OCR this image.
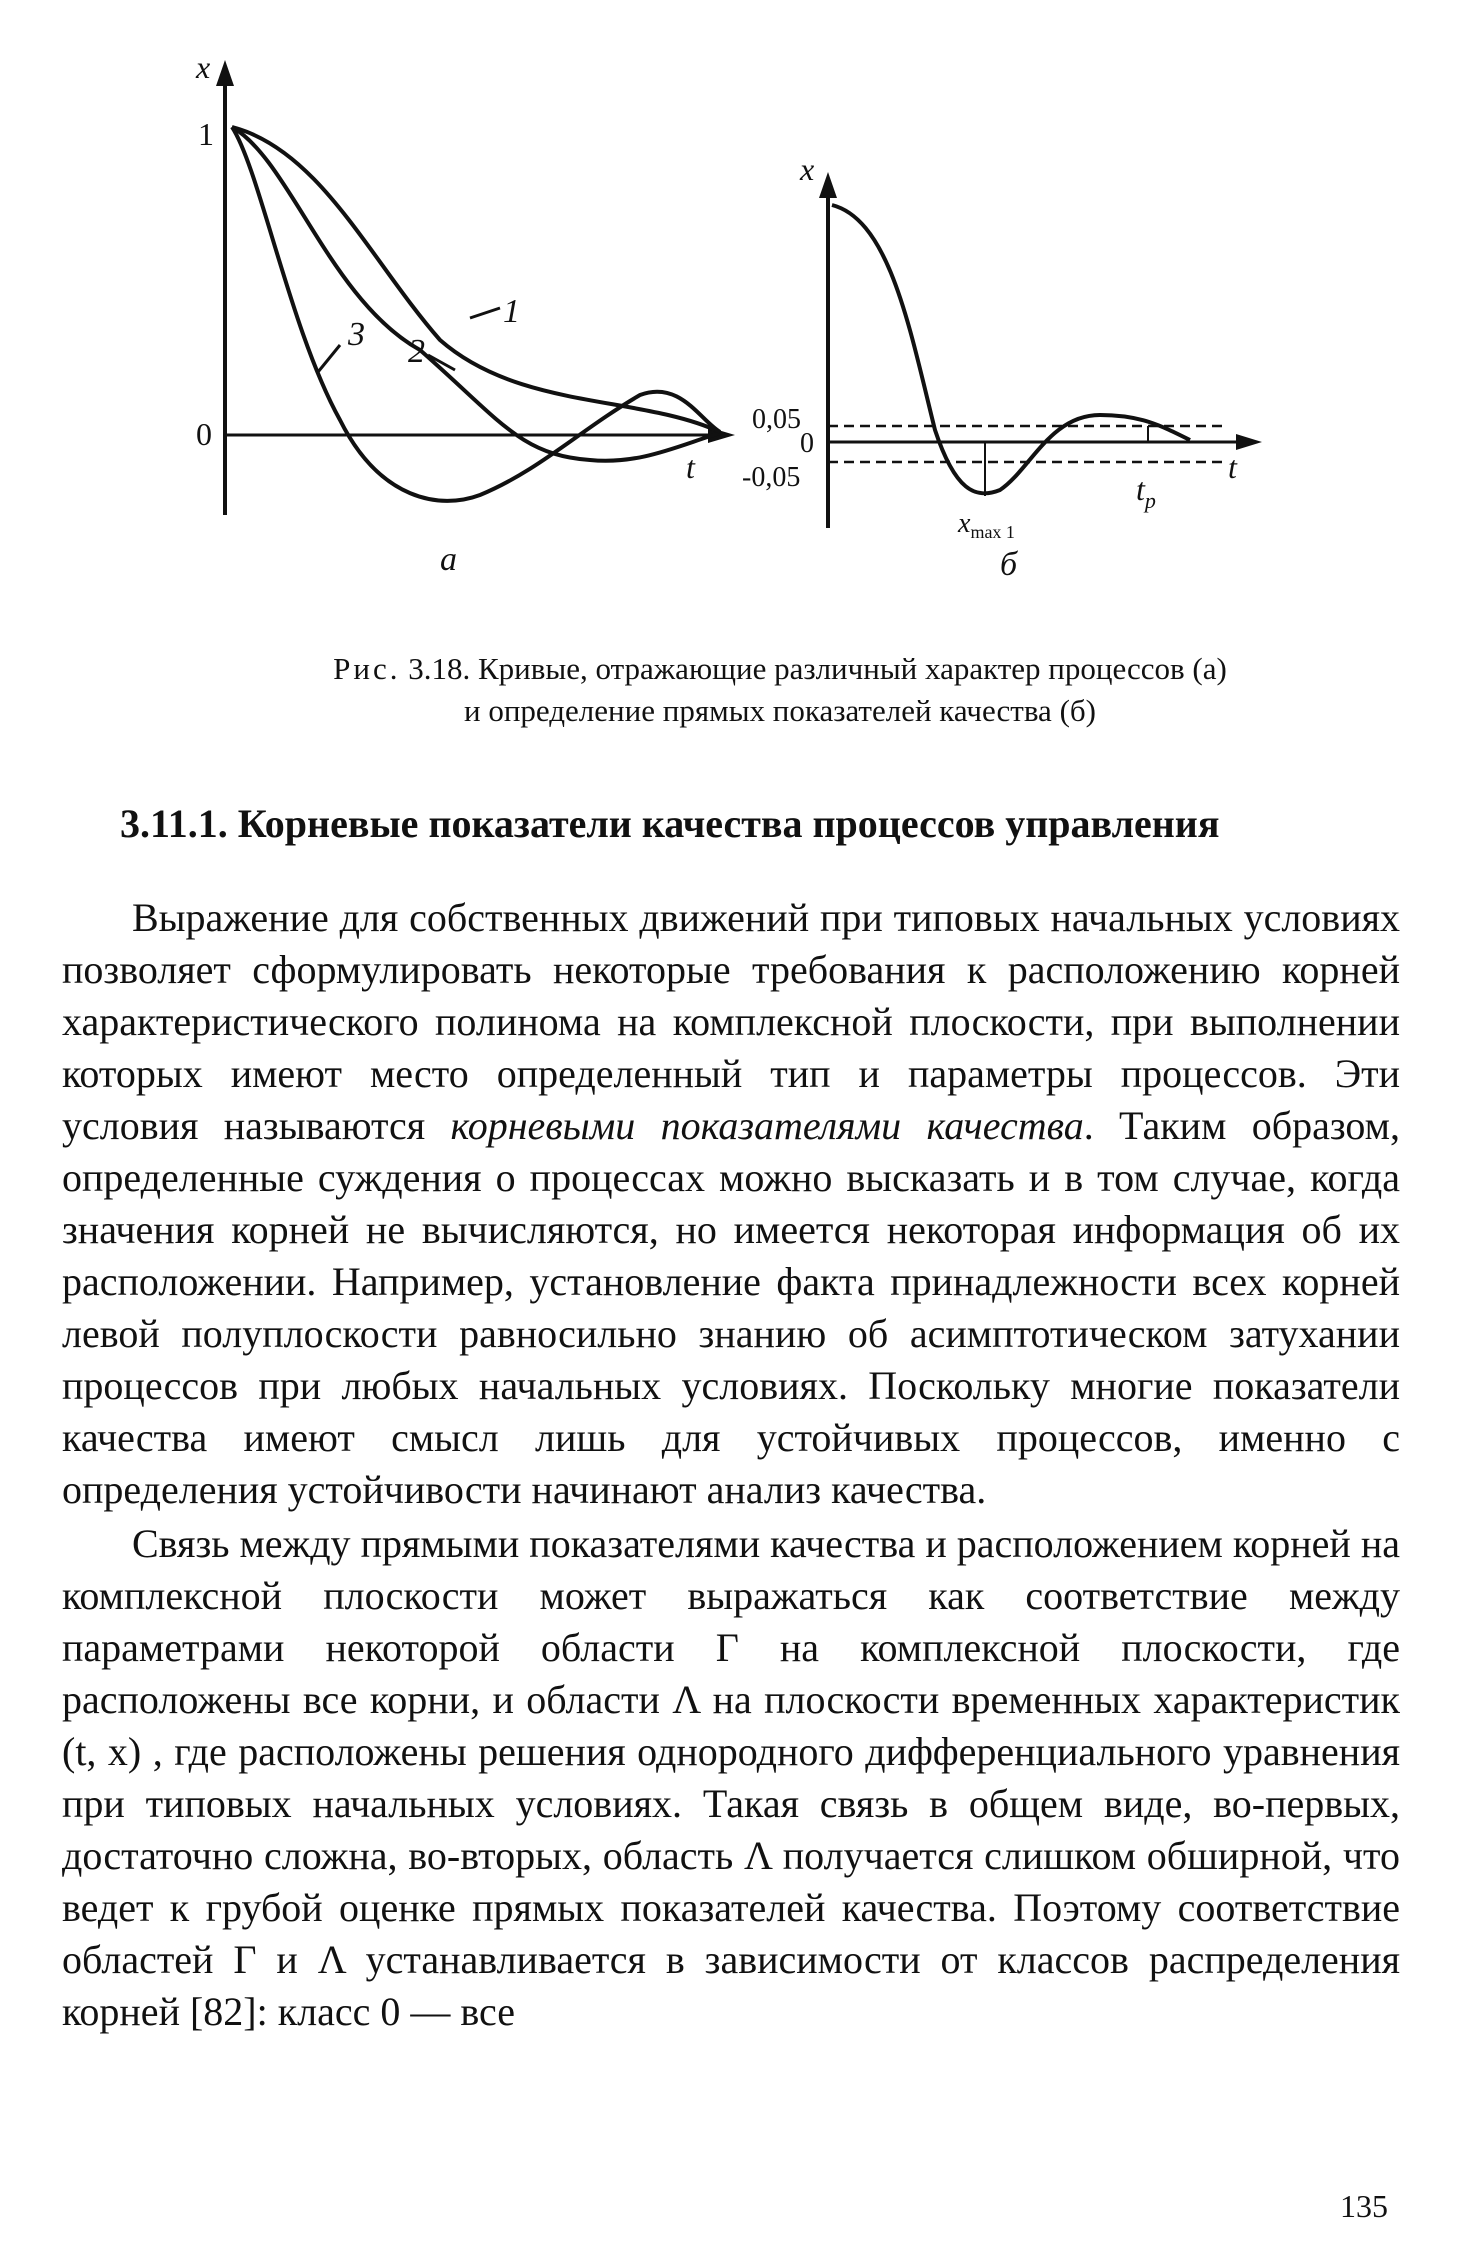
x
t
1
2
3
а
1
0
x
t
0,05
0
-0,05
$x_{max 1}$
$t_p$
б
Рис. 3.18. Кривые, отражающие различный характер процессов (а)
и определение прямых показателей качества (б)
3.11.1. Корневые показатели качества процессов управления

Выражение для собственных движений при типовых начальных условиях позволяет сформулировать некоторые требования к расположению корней характеристического полинома на комплексной плоскости, при выполнении которых имеют место определенный тип и параметры процессов. Эти условия называются корневыми показателями качества. Таким образом, определенные суждения о процессах можно высказать и в том случае, когда значения корней не вычисляются, но имеется некоторая информация об их расположении. Например, установление факта принадлежности всех корней левой полуплоскости равносильно знанию об асимптотическом затухании процессов при любых начальных условиях. Поскольку многие показатели качества имеют смысл лишь для устойчивых процессов, именно с определения устойчивости начинают анализ качества.

Связь между прямыми показателями качества и расположением корней на комплексной плоскости может выражаться как соответствие между параметрами некоторой области Г на комплексной плоскости, где расположены все корни, и области Λ на плоскости временных характеристик (t, x) , где расположены решения однородного дифференциального уравнения при типовых начальных условиях. Такая связь в общем виде, во-первых, достаточно сложна, во-вторых, область Λ получается слишком обширной, что ведет к грубой оценке прямых показателей качества. Поэтому соответствие областей Г и Λ устанавливается в зависимости от классов распределения корней [82]: класс 0 — все

135
